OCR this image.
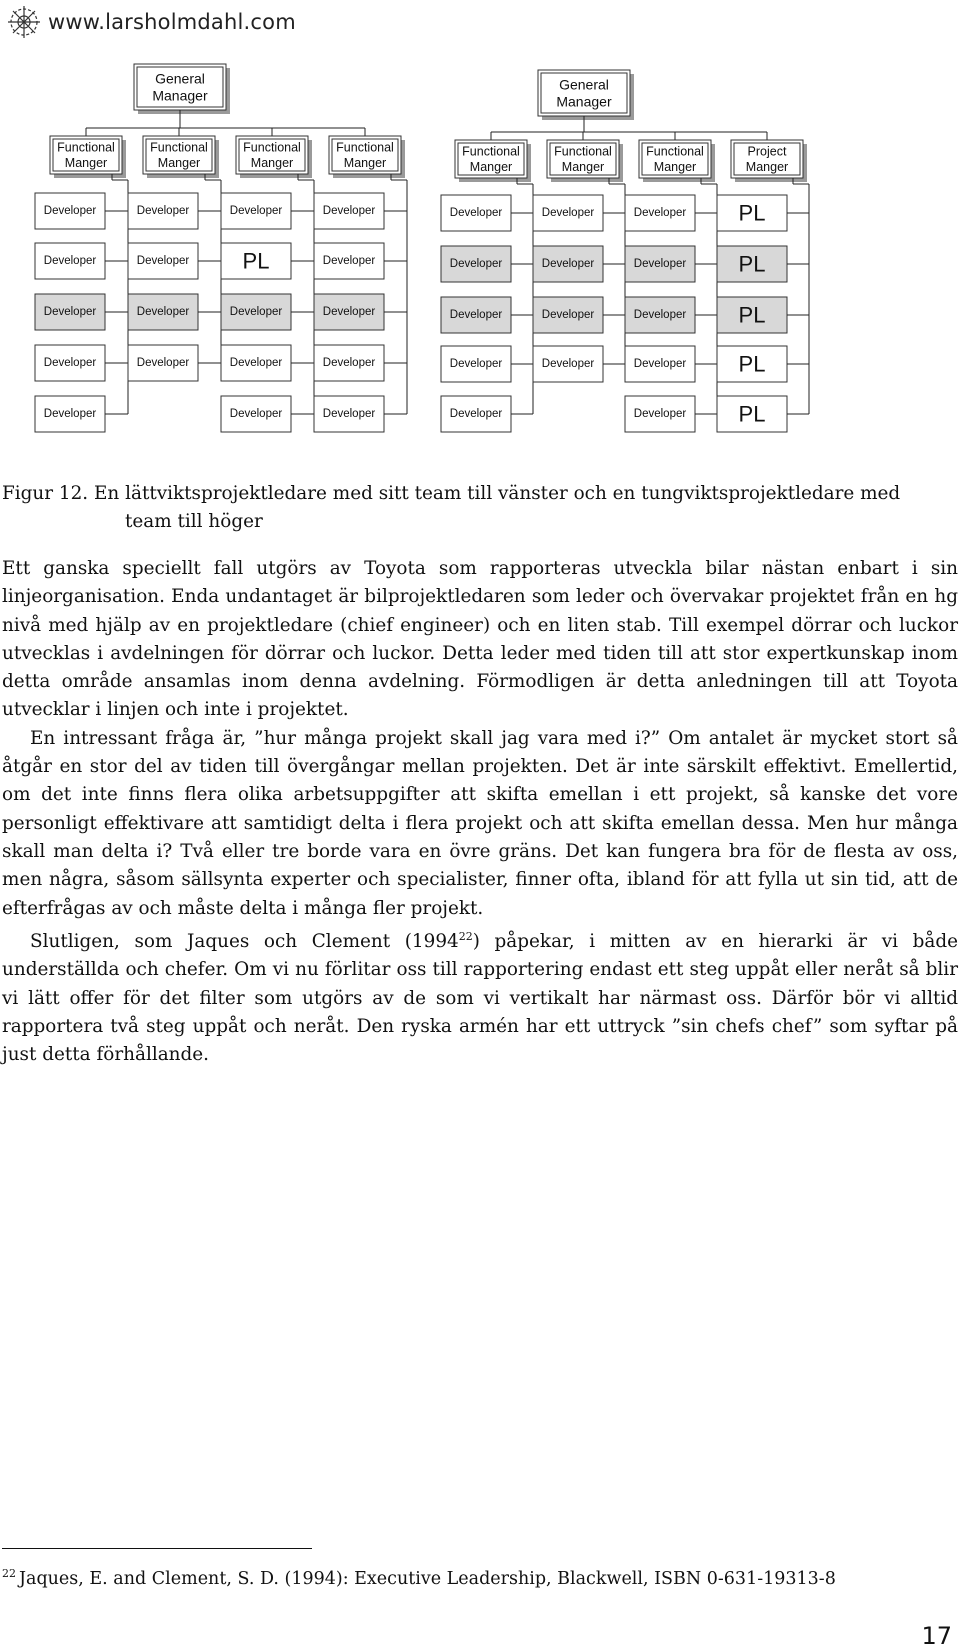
www.larsholmdahl.com
General Manager
Functional Manger
Functional Manger
Functional Manger
Functional Manger
Developer	Developer	Developer	Developer
Developer	Developer PL	Developer
Developer	Developer	Developer	Developer
Developer	Developer	Developer	Developer
Developer	Developer	Developer
General Manager
Functional Manger
Functional Manger
Functional Manger
Project Manger
Developer	Developer	Developer PL
Developer	Developer	Developer PL
Developer	Developer	Developer PL
Developer	Developer	Developer PL
Developer	Developer PL
Figur 12. En lättviktsprojektledare med sitt team till vänster och en tungviktsprojektledare med
team till höger

Ett ganska speciellt fall utgörs av Toyota som rapporteras utveckla bilar nästan enbart i sin linjeorganisation. Enda undantaget är bilprojektledaren som leder och övervakar projektet från en hg nivå med hjälp av en projektledare (chief engineer) och en liten stab. Till exempel dörrar och luckor utvecklas i avdelningen för dörrar och luckor. Detta leder med tiden till att stor expertkunskap inom detta område ansamlas inom denna avdelning. Förmodligen är detta anledningen till att Toyota utvecklar i linjen och inte i projektet.

En intressant fråga är, ”hur många projekt skall jag vara med i?” Om antalet är mycket stort så åtgår en stor del av tiden till övergångar mellan projekten. Det är inte särskilt effektivt. Emellertid, om det inte finns flera olika arbetsuppgifter att skifta emellan i ett projekt, så kanske det vore personligt effektivare att samtidigt delta i flera projekt och att skifta emellan dessa. Men hur många skall man delta i? Två eller tre borde vara en övre gräns. Det kan fungera bra för de flesta av oss, men några, såsom sällsynta experter och specialister, finner ofta, ibland för att fylla ut sin tid, att de efterfrågas av och måste delta i många fler projekt.

Slutligen, som Jaques och Clement (1994$^{22}$) påpekar, i mitten av en hierarki är vi både underställda och chefer. Om vi nu förlitar oss till rapportering endast ett steg uppåt eller neråt så blir vi lätt offer för det filter som utgörs av de som vi vertikalt har närmast oss. Därför bör vi alltid rapportera två steg uppåt och neråt. Den ryska armén har ett uttryck ”sin chefs chef” som syftar på just detta förhållande.

$^{22}$ Jaques, E. and Clement, S. D. (1994): Executive Leadership, Blackwell, ISBN 0-631-19313-8
17
